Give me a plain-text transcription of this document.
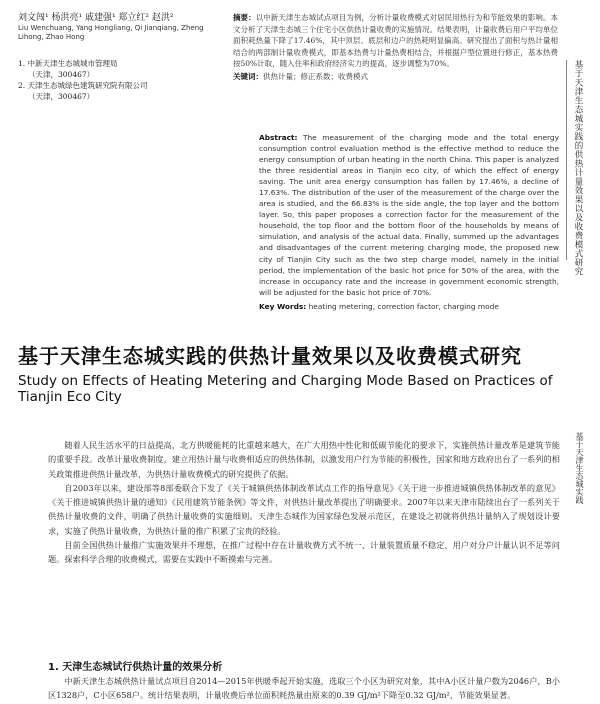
刘文闯¹ 杨洪亮¹ 戚建强¹ 郑立红² 赵洪²
Liu Wenchuang, Yang Hongliang, Qi Jianqiang, Zheng Lihong, Zhao Hong
1. 中新天津生态城城市管理局
（天津，300467）
2. 天津生态城绿色建筑研究院有限公司
（天津，300467）
摘要：以中新天津生态城试点项目为例，分析计量收费模式对居民用热行为和节能效果的影响。本文分析了天津生态城三个住宅小区供热计量收费的实施情况。结果表明，计量收费后用户平均单位面积耗热量下降了17.46%，其中顶层、底层和边户的热耗明显偏高。研究提出了面积与热计量相结合的两部制计量收费模式，即基本热费与计量热费相结合，并根据户型位置进行修正，基本热费按50%计取，随入住率和政府经济实力的提高，逐步调整为70%。
关键词：供热计量；修正系数；收费模式	基于天津生态城实践的供热计量效果以及收费模式研究
Abstract: The measurement of the charging mode and the total energy consumption control evaluation method is the effective method to reduce the energy consumption of urban heating in the north China. This paper is analyzed the three residential areas in Tianjin eco city, of which the effect of energy saving. The unit area energy consumption has fallen by 17.46%, a decline of 17.63%. The distribution of the user of the measurement of the charge over the area is studied, and the 66.83% is the side angle, the top layer and the bottom layer. So, this paper proposes a correction factor for the measurement of the household, the top floor and the bottom floor of the households by means of simulation, and analysis of the actual data. Finally, summed up the advantages and disadvantages of the current metering charging mode, the proposed new city of Tianjin City such as the two step charge model, namely in the initial period, the implementation of the basic hot price for 50% of the area, with the increase in occupancy rate and the increase in government economic strength, will be adjusted for the basic hot price of 70%.
Key Words: heating metering, correction factor, charging mode
基于天津生态城实践的供热计量效果以及收费模式研究
Study on Effects of Heating Metering and Charging Mode Based on Practices of Tianjin Eco City
基于天津生态城实践

随着人民生活水平的日益提高，北方供暖能耗的比重越来越大，在广大用热中性化和低碳节能化的要求下，实施供热计量改革是建筑节能的重要手段。改革计量收费制度，建立用热计量与收费相适应的供热体制，以激发用户行为节能的积极性，国家和地方政府出台了一系列的相关政策推进供热计量改革，为供热计量收费模式的研究提供了依据。

自2003年以来，建设部等8部委联合下发了《关于城镇供热体制改革试点工作的指导意见》《关于进一步推进城镇供热体制改革的意见》《关于推进城镇供热计量的通知》《民用建筑节能条例》等文件，对供热计量改革提出了明确要求。2007年以来天津市陆续出台了一系列关于供热计量收费的文件，明确了供热计量收费的实施细则。天津生态城作为国家绿色发展示范区，在建设之初就将供热计量纳入了规划设计要求，实施了供热计量收费，为供热计量的推广积累了宝贵的经验。

目前全国供热计量推广实施效果并不理想，在推广过程中存在计量收费方式不统一、计量装置质量不稳定、用户对分户计量认识不足等问题。探索科学合理的收费模式，需要在实践中不断摸索与完善。

1. 天津生态城试行供热计量的效果分析

中新天津生态城供热计量试点项目自2014—2015年供暖季起开始实施，选取三个小区为研究对象，其中A小区计量户数为2046户，B小区1328户，C小区658户。统计结果表明，计量收费后单位面积耗热量由原来的0.39 GJ/m²下降至0.32 GJ/m²，节能效果显著。
